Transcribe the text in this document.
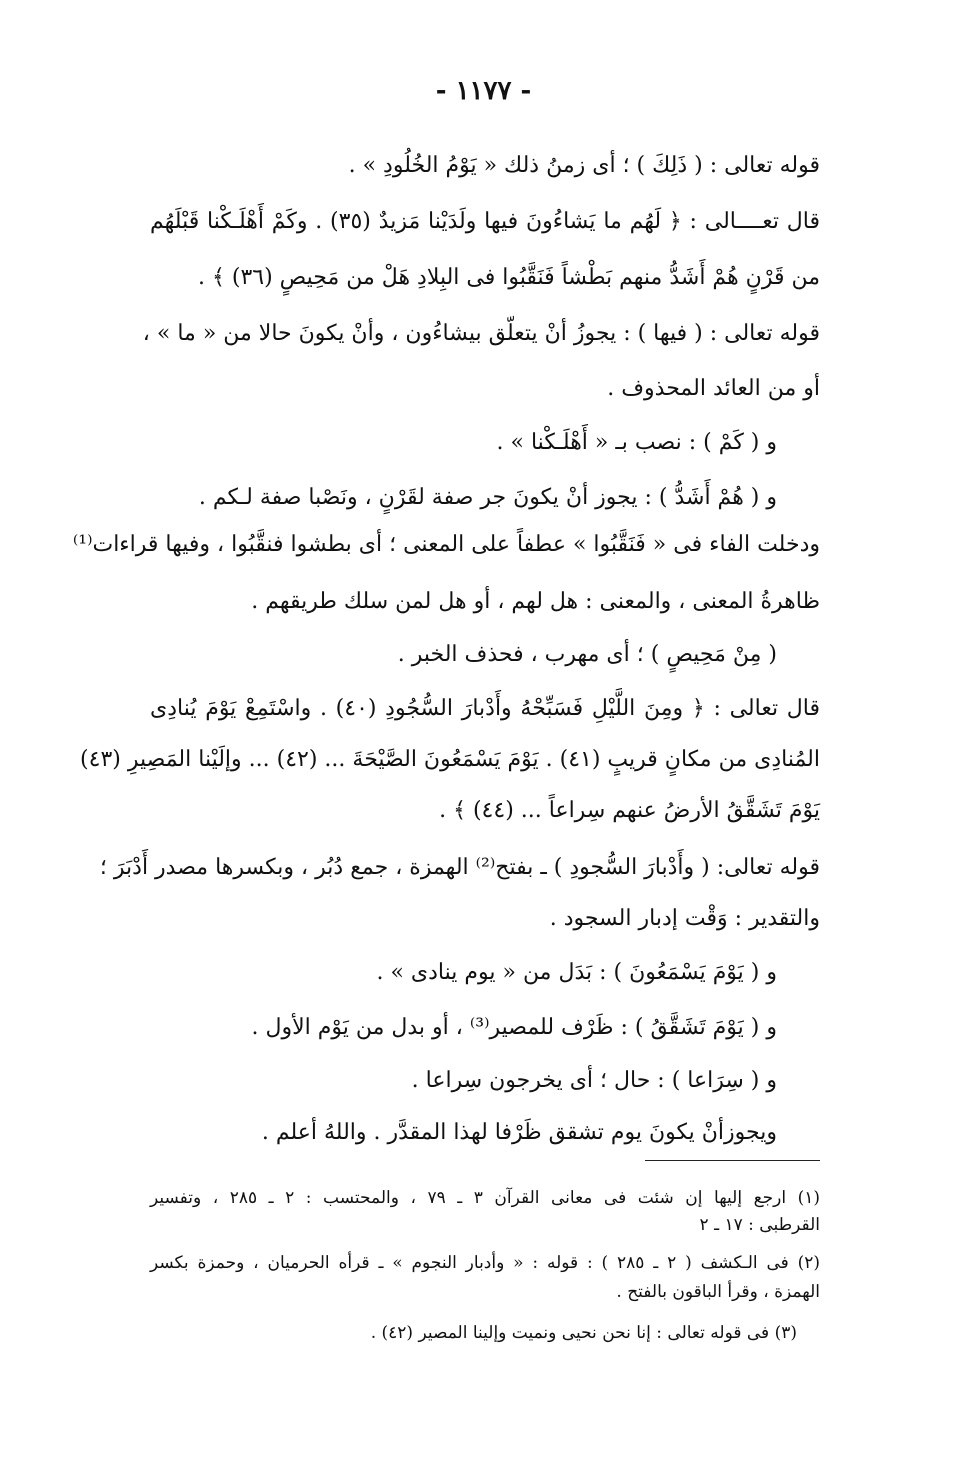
- ١١٧٧ -
قوله تعالى : ( ذَلِكَ ) ؛ أى زمنُ ذلك « يَوْمُ الخُلُودِ » .
قال تعــــالى : ﴿ لَهُم ما يَشاءُونَ فيها ولَدَيْنا مَزيدٌ (٣٥) . وكَمْ أَهْلَـكْنا قَبْلَهُم
من قَرْنٍ هُمْ أَشَدُّ منهم بَطْشاً فَنَقَّبُوا فى البِلادِ هَلْ من مَحِيصٍ (٣٦) ﴾ .
قوله تعالى : ( فيها ) : يجوزُ أنْ يتعلّق بيشاءُون ، وأنْ يكونَ حالا من « ما » ،
أو من العائد المحذوف .
و ( كَمْ ) : نصب بـ « أَهْلَـكْنا » .
و ( هُمْ أَشَدُّ ) : يجوز أنْ يكونَ جر صفة لقَرْنٍ ، ونَصْبا صفة لـكم .
ودخلت الفاء فى « فَنَقَّبُوا » عطفاً على المعنى ؛ أى بطشوا فنقَّبُوا ، وفيها قراءات⁽¹⁾
ظاهرةُ المعنى ، والمعنى : هل لهم ، أو هل لمن سلك طريقهم .
( مِنْ مَحِيصٍ ) ؛ أى مهرب ، فحذف الخبر .
قال تعالى : ﴿ ومِنَ اللَّيْلِ فَسَبِّحْهُ وأَدْبارَ السُّجُودِ (٤٠) . واسْتَمِعْ يَوْمَ يُنادِى
المُنادِى من مكانٍ قريبٍ (٤١) . يَوْمَ يَسْمَعُونَ الصَّيْحَةَ ... (٤٢) ... وإلَيْنا المَصِيرِ (٤٣)
يَوْمَ تَشَقَّقُ الأرضُ عنهم سِراعاً ... (٤٤) ﴾ .
قوله تعالى: ( وأَدْبارَ السُّجودِ ) ـ بفتح⁽²⁾ الهمزة ، جمع دُبُر ، وبكسرها مصدر أَدْبَرَ ؛
والتقدير : وَقْت إدبار السجود .
و ( يَوْمَ يَسْمَعُونَ ) : بَدَل من « يوم ينادى » .
و ( يَوْمَ تَشَقَّقُ ) : ظَرْف للمصير⁽³⁾ ، أو بدل من يَوْم الأول .
و ( سِرَاعا ) : حال ؛ أى يخرجون سِراعا .
ويجوزأنْ يكونَ يوم تشقق ظَرْفا لهذا المقدَّر . واللهُ أعلم .
(١) ارجع إليها إن شئت فى معانى القرآن ٣ ـ ٧٩ ، والمحتسب : ٢ ـ ٢٨٥ ، وتفسير
القرطبى : ١٧ ـ ٢
(٢) فى الـكشف ( ٢ ـ ٢٨٥ ) : قوله : « وأدبار النجوم » ـ قرأه الحرميان ، وحمزة بكسر
الهمزة ، وقرأ الباقون بالفتح .
(٣) فى قوله تعالى : إنا نحن نحيى ونميت وإلينا المصير (٤٢) .
